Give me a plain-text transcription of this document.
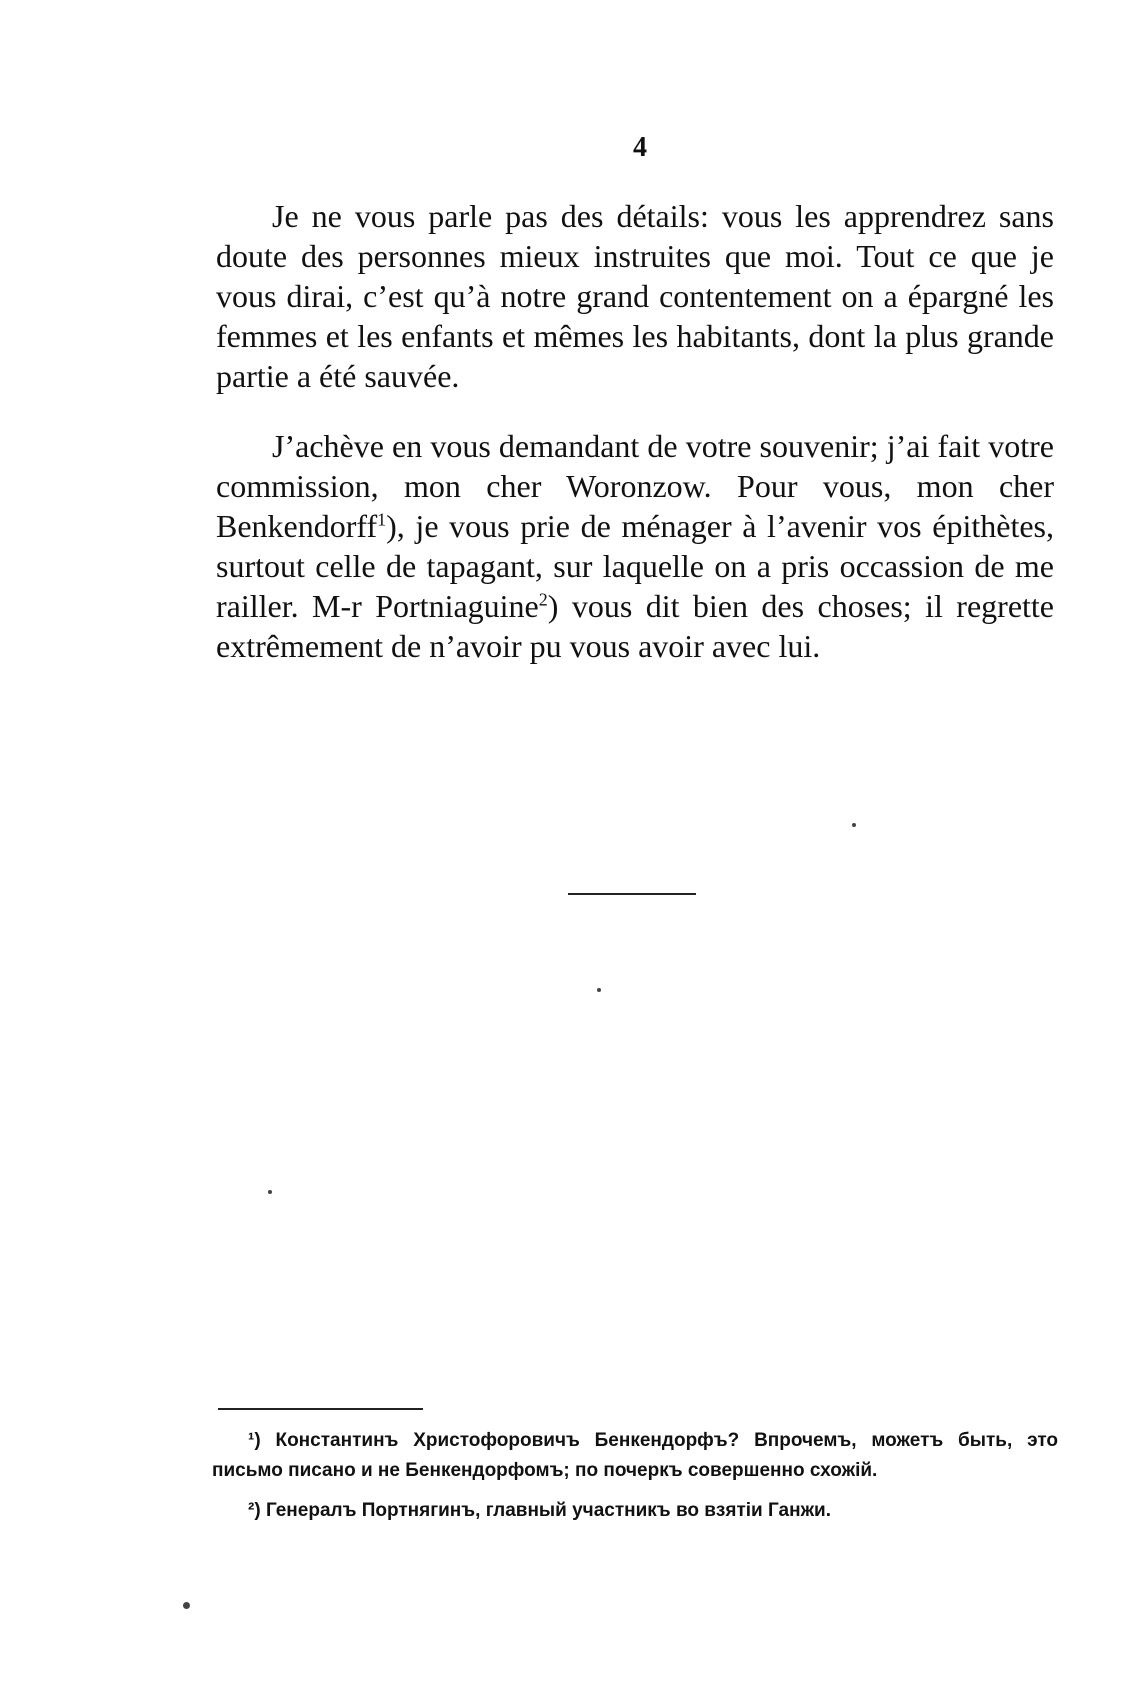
4

Je ne vous parle pas des détails: vous les apprendrez sans doute des personnes mieux instruites que moi. Tout ce que je vous dirai, c’est qu’à notre grand contentement on a épargné les femmes et les enfants et mêmes les habitants, dont la plus grande partie a été sauvée.

J’achève en vous demandant de votre souvenir; j’ai fait votre commission, mon cher Woronzow. Pour vous, mon cher Benkendorff$^1$), je vous prie de ménager à l’avenir vos épithètes, surtout celle de tapagant, sur laquelle on a pris occassion de me railler. M-r Portniaguine$^2$) vous dit bien des choses; il regrette extrêmement de n’avoir pu vous avoir avec lui.

¹) Константинъ Христофоровичъ Бенкендорфъ? Впрочемъ, можетъ быть, это письмо писано и не Бенкендорфомъ; по почеркъ совершенно схожій.

²) Генералъ Портнягинъ, главный участникъ во взятіи Ганжи.
